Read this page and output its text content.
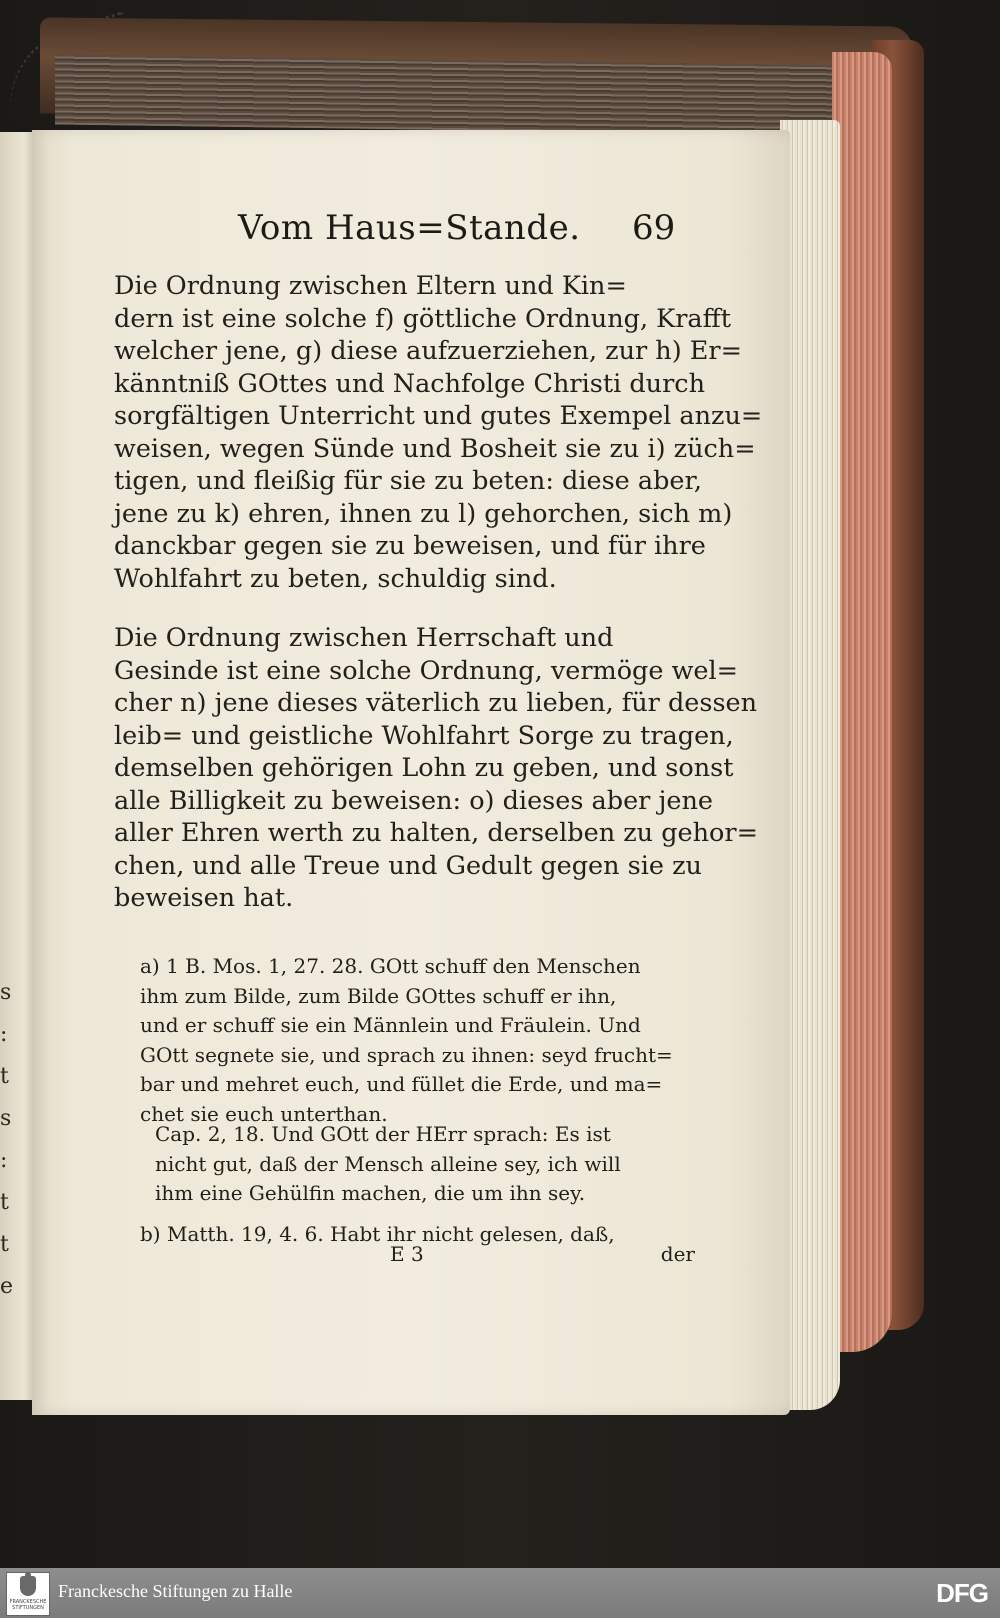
s
:
t
s
:
t
t
e
Vom Haus=Stande. 69
Die Ordnung zwischen Eltern und Kin=
dern ist eine solche f) göttliche Ordnung, Krafft
welcher jene, g) diese aufzuerziehen, zur h) Er=
känntniß GOttes und Nachfolge Christi durch
sorgfältigen Unterricht und gutes Exempel anzu=
weisen, wegen Sünde und Bosheit sie zu i) züch=
tigen, und fleißig für sie zu beten: diese aber,
jene zu k) ehren, ihnen zu l) gehorchen, sich m)
danckbar gegen sie zu beweisen, und für ihre
Wohlfahrt zu beten, schuldig sind.
Die Ordnung zwischen Herrschaft und
Gesinde ist eine solche Ordnung, vermöge wel=
cher n) jene dieses väterlich zu lieben, für dessen
leib= und geistliche Wohlfahrt Sorge zu tragen,
demselben gehörigen Lohn zu geben, und sonst
alle Billigkeit zu beweisen: o) dieses aber jene
aller Ehren werth zu halten, derselben zu gehor=
chen, und alle Treue und Gedult gegen sie zu
beweisen hat.
a) 1 B. Mos. 1, 27. 28. GOtt schuff den Menschen
ihm zum Bilde, zum Bilde GOttes schuff er ihn,
und er schuff sie ein Männlein und Fräulein. Und
GOtt segnete sie, und sprach zu ihnen: seyd frucht=
bar und mehret euch, und füllet die Erde, und ma=
chet sie euch unterthan.
Cap. 2, 18. Und GOtt der HErr sprach: Es ist
nicht gut, daß der Mensch alleine sey, ich will
ihm eine Gehülfin machen, die um ihn sey.
b) Matth. 19, 4. 6. Habt ihr nicht gelesen, daß,
E 3	der
FRANCKESCHE STIFTUNGEN
Franckesche Stiftungen zu Halle	DFG
